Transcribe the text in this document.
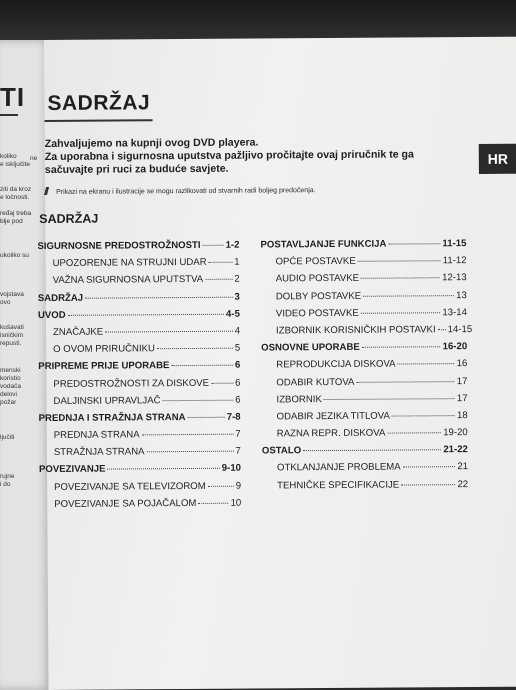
TI
koliko
e isključite
ziti da kroz
e ločnosti.
ređaj treba
blje pod
ukoliko su
vojstava
ovo
kušavati
isničkim
repusti.
menski
koristio
vodača
delovi
požar
ljučiti
rujne
i do
ne
SADRŽAJ
Zahvaljujemo na kupnji ovog DVD playera.
Za uporabna i sigurnosna uputstva pažljivo pročitajte ovaj priručnik te ga
sačuvajte pri ruci za buduće savjete.
Prikazi na ekranu i ilustracije se mogu razlikovati od stvarnih radi boljeg predočenja.
SADRŽAJ
HR
SIGURNOSNE PREDOSTROŽNOSTI	1-2
UPOZORENJE NA STRUJNI UDAR	1
VAŽNA SIGURNOSNA UPUTSTVA	2
SADRŽAJ	3
UVOD	4-5
ZNAČAJKE	4
O OVOM PRIRUČNIKU	5
PRIPREME PRIJE UPORABE	6
PREDOSTROŽNOSTI ZA DISKOVE	6
DALJINSKI UPRAVLJAČ	6
PREDNJA I STRAŽNJA STRANA	7-8
PREDNJA STRANA	7
STRAŽNJA STRANA	7
POVEZIVANJE	9-10
POVEZIVANJE SA TELEVIZOROM	9
POVEZIVANJE SA POJAČALOM	10
POSTAVLJANJE FUNKCIJA	11-15
OPĆE POSTAVKE	11-12
AUDIO POSTAVKE	12-13
DOLBY POSTAVKE	13
VIDEO POSTAVKE	13-14
IZBORNIK KORISNIČKIH POSTAVKI 14-15
OSNOVNE UPORABE	16-20
REPRODUKCIJA DISKOVA	16
ODABIR KUTOVA	17
IZBORNIK	17
ODABIR JEZIKA TITLOVA	18
RAZNA REPR. DISKOVA	19-20
OSTALO	21-22
OTKLANJANJE PROBLEMA	21
TEHNIČKE SPECIFIKACIJE	22
